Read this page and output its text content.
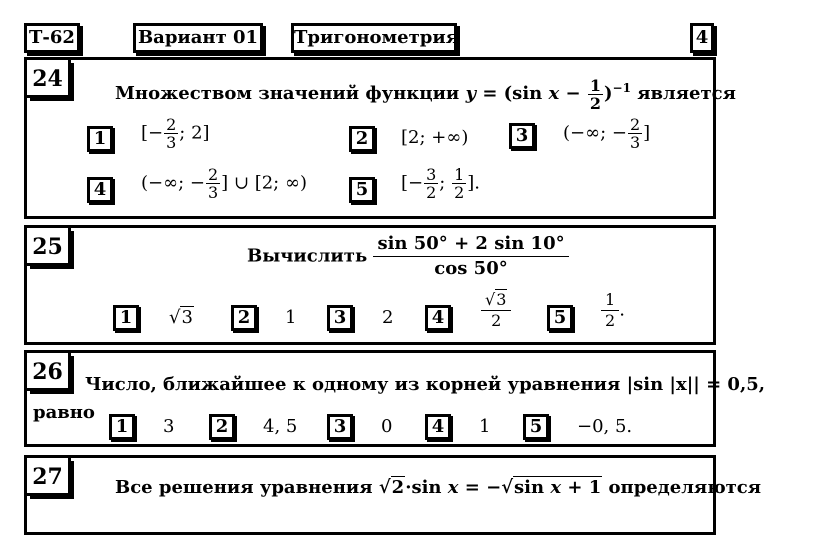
Т-62	Вариант 01 Тригонометрия	4
24
Множеством значений функции y = (sin $x - \frac{1}{2} )^{-1}$ является
1	[− $\frac{2}{3}$ ; 2]	2	[2; +∞)	3	(−∞; − $\frac{2}{3}$ ]
4	(−∞; − $\frac{2}{3}$ ] ∪ [2; ∞)	5	[− $\frac{3}{2}$ ; $\frac{1}{2}$ ].
25	Вычислить $\frac{\sin 50^\circ + 2 \sin 10^\circ}{\cos 50^\circ}$
1	√3	2	1	3	2	4	$\frac{√3}{2}$	5	$\frac{1}{2}$ .
26	Число, ближайшее к одному из корней уравнения |sin |x|| = 0,5,
равно
1	3	2	4, 5	3	0	4	1	5	−0, 5.
27	Все решения уравнения √2·sin x = −√sin x + 1 определяются
